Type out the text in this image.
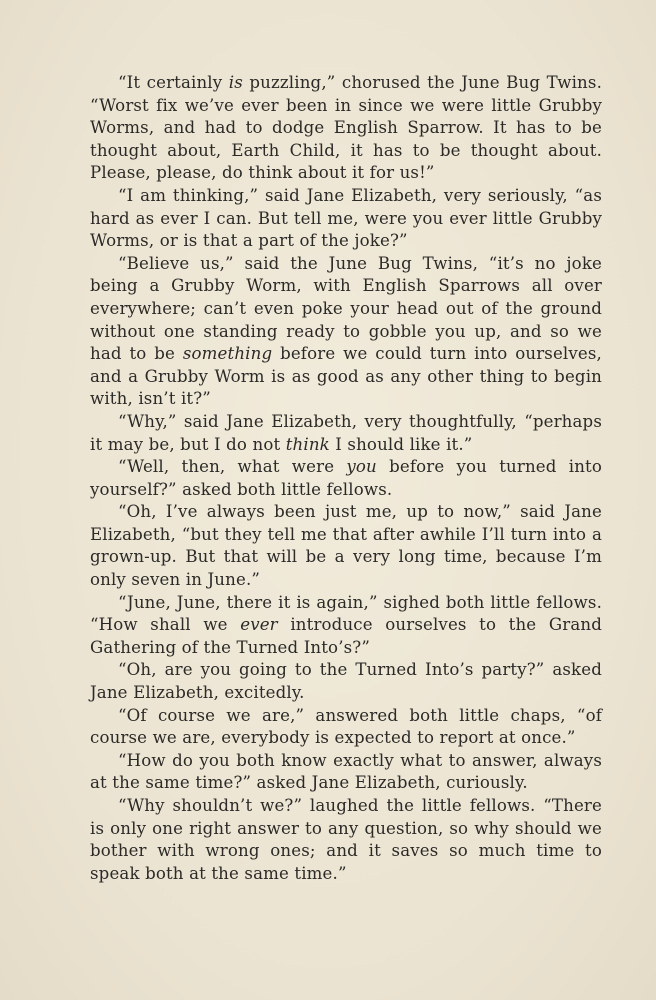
“It certainly is puzzling,” chorused the June Bug Twins. “Worst fix we’ve ever been in since we were little Grubby Worms, and had to dodge English Sparrow. It has to be thought about, Earth Child, it has to be thought about. Please, please, do think about it for us!”

“I am thinking,” said Jane Elizabeth, very seriously, “as hard as ever I can. But tell me, were you ever little Grubby Worms, or is that a part of the joke?”

“Believe us,” said the June Bug Twins, “it’s no joke being a Grubby Worm, with English Sparrows all over everywhere; can’t even poke your head out of the ground without one standing ready to gobble you up, and so we had to be something before we could turn into ourselves, and a Grubby Worm is as good as any other thing to begin with, isn’t it?”

“Why,” said Jane Elizabeth, very thoughtfully, “perhaps it may be, but I do not think I should like it.”

“Well, then, what were you before you turned into yourself?” asked both little fellows.

“Oh, I’ve always been just me, up to now,” said Jane Elizabeth, “but they tell me that after awhile I’ll turn into a grown-up. But that will be a very long time, because I’m only seven in June.”

“June, June, there it is again,” sighed both little fellows. “How shall we ever introduce ourselves to the Grand Gathering of the Turned Into’s?”

“Oh, are you going to the Turned Into’s party?” asked Jane Elizabeth, excitedly.

“Of course we are,” answered both little chaps, “of course we are, everybody is expected to report at once.”

“How do you both know exactly what to answer, always at the same time?” asked Jane Elizabeth, curiously.

“Why shouldn’t we?” laughed the little fellows. “There is only one right answer to any question, so why should we bother with wrong ones; and it saves so much time to speak both at the same time.”
